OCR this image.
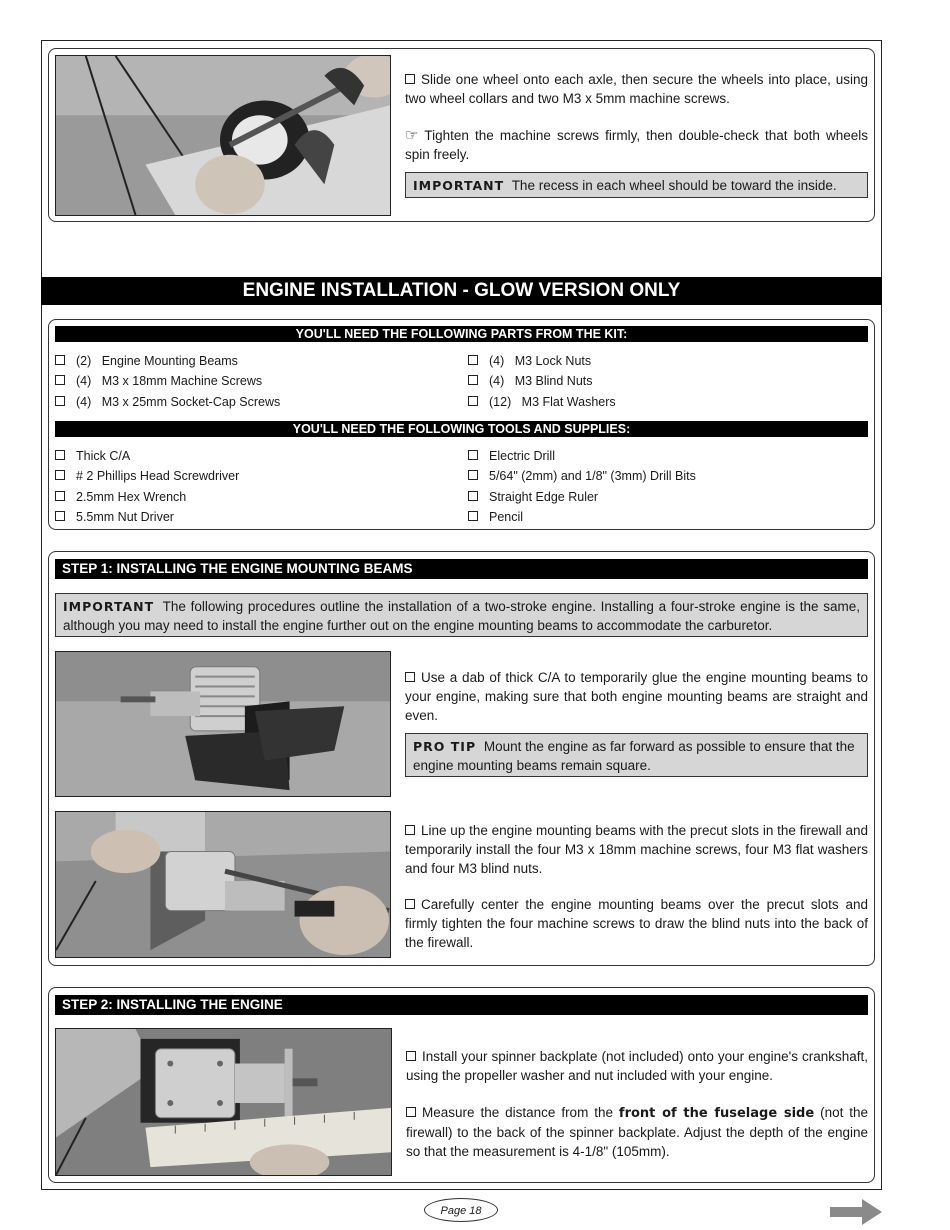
Slide one wheel onto each axle, then secure the wheels into place, using two wheel collars and two M3 x 5mm machine screws.
☞ Tighten the machine screws firmly, then double-check that both wheels spin freely.
IMPORTANT The recess in each wheel should be toward the inside.
ENGINE INSTALLATION - GLOW VERSION ONLY
YOU'LL NEED THE FOLLOWING PARTS FROM THE KIT:
(2) Engine Mounting Beams
(4) M3 x 18mm Machine Screws
(4) M3 x 25mm Socket-Cap Screws
(4) M3 Lock Nuts
(4) M3 Blind Nuts
(12) M3 Flat Washers
YOU'LL NEED THE FOLLOWING TOOLS AND SUPPLIES:
Thick C/A
# 2 Phillips Head Screwdriver
2.5mm Hex Wrench
5.5mm Nut Driver
Electric Drill
5/64" (2mm) and 1/8" (3mm) Drill Bits
Straight Edge Ruler
Pencil
STEP 1: INSTALLING THE ENGINE MOUNTING BEAMS
IMPORTANT The following procedures outline the installation of a two-stroke engine. Installing a four-stroke engine is the same, although you may need to install the engine further out on the engine mounting beams to accommodate the carburetor.
Use a dab of thick C/A to temporarily glue the engine mounting beams to your engine, making sure that both engine mounting beams are straight and even.
PRO TIP Mount the engine as far forward as possible to ensure that the engine mounting beams remain square.
Line up the engine mounting beams with the precut slots in the firewall and temporarily install the four M3 x 18mm machine screws, four M3 flat washers and four M3 blind nuts.
Carefully center the engine mounting beams over the precut slots and firmly tighten the four machine screws to draw the blind nuts into the back of the firewall.
STEP 2: INSTALLING THE ENGINE
Install your spinner backplate (not included) onto your engine's crankshaft, using the propeller washer and nut included with your engine.
Measure the distance from the front of the fuselage side (not the firewall) to the back of the spinner backplate. Adjust the depth of the engine so that the measurement is 4-1/8" (105mm).
Page 18
